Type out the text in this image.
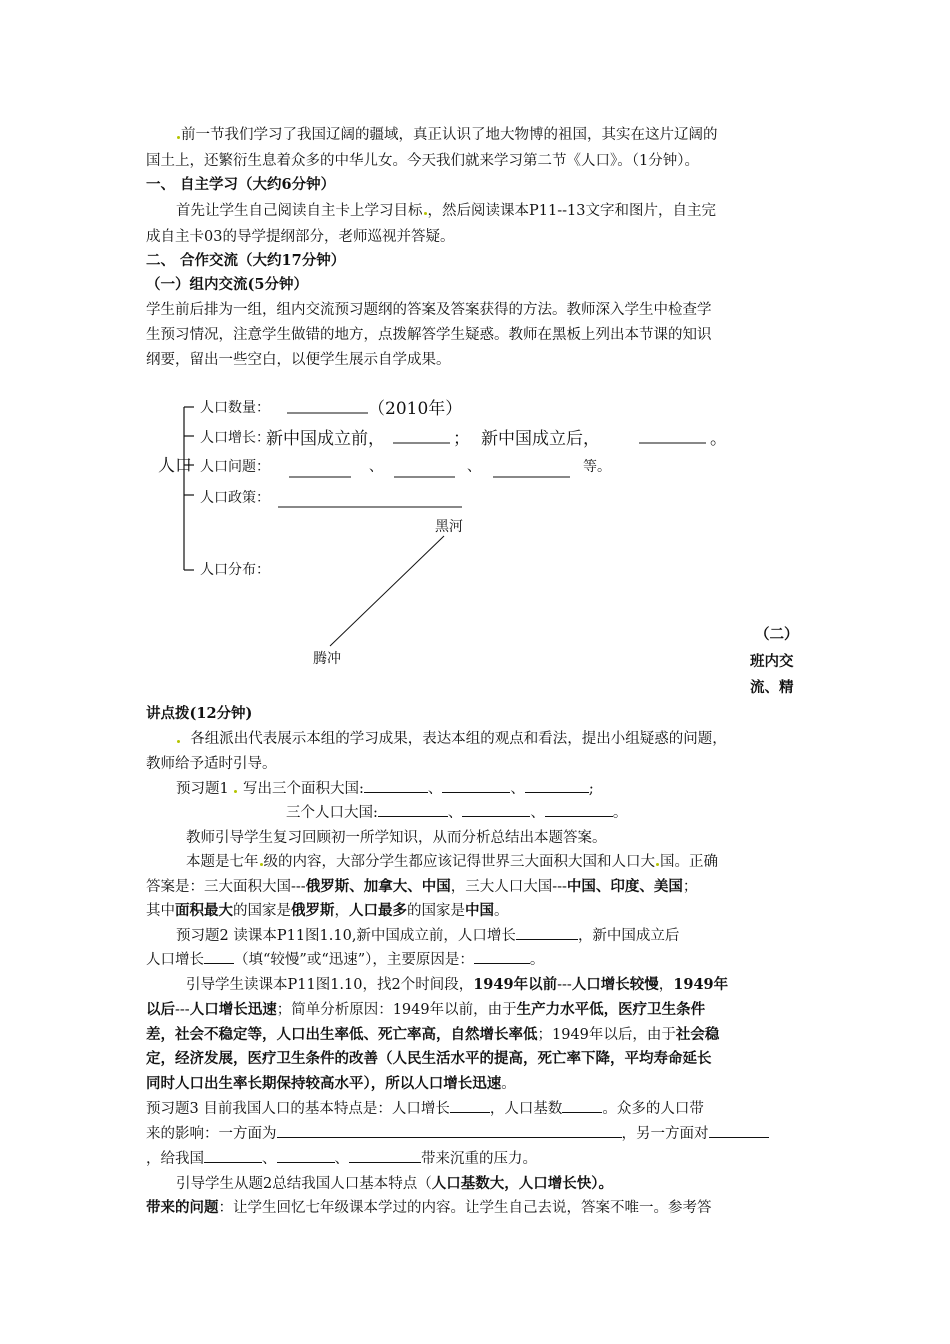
前一节我们学习了我国辽阔的疆域，真正认识了地大物博的祖国，其实在这片辽阔的
国土上，还繁衍生息着众多的中华儿女。今天我们就来学习第二节《人口》。（1分钟）。
一、 自主学习（大约6分钟）
首先让学生自己阅读自主卡上学习目标 ，然后阅读课本P11--13文字和图片，自主完
成自主卡03的导学提纲部分，老师巡视并答疑。
二、 合作交流（大约17分钟）
（一）组内交流(5分钟）
学生前后排为一组，组内交流预习题纲的答案及答案获得的方法。教师深入学生中检查学
生预习情况，注意学生做错的地方，点拨解答学生疑惑。教师在黑板上列出本节课的知识
纲要，留出一些空白，以便学生展示自学成果。
人口
人口数量：	（2010年）
人口增长：
新中国成立前，	； 新中国成立后，	。
人口问题：	、	、	等。
人口政策：
人口分布：
黑河
腾冲
（二）
班内交
流、精
讲点拨(12分钟)
各组派出代表展示本组的学习成果，表达本组的观点和看法，提出小组疑惑的问题，
教师给予适时引导。
预习题1 写出三个面积大国:	、	、	;
三个人口大国:	、	、	。
教师引导学生复习回顾初一所学知识，从而分析总结出本题答案。
本题是七年 级的内容，大部分学生都应该记得世界三大面积大国和人口大 国。正确
答案是：三大面积大国---俄罗斯、加拿大、中国，三大人口大国---中国、印度、美国；
其中面积最大的国家是俄罗斯，人口最多的国家是中国。
预习题2 读课本P11图1.10,新中国成立前，人口增长	，新中国成立后
人口增长 （填“较慢”或“迅速”），主要原因是：	。
引导学生读课本P11图1.10，找2个时间段，1949年以前---人口增长较慢，1949年
以后---人口增长迅速；简单分析原因：1949年以前，由于生产力水平低，医疗卫生条件
差，社会不稳定等，人口出生率低、死亡率高，自然增长率低；1949年以后，由于社会稳
定，经济发展，医疗卫生条件的改善（人民生活水平的提高，死亡率下降，平均寿命延长
同时人口出生率长期保持较高水平），所以人口增长迅速。
预习题3 目前我国人口的基本特点是：人口增长	，人口基数	。众多的人口带
来的影响：一方面为	，另一方面对
，给我国	、	、	带来沉重的压力。
引导学生从题2总结我国人口基本特点（人口基数大，人口增长快）。
带来的问题：让学生回忆七年级课本学过的内容。让学生自己去说，答案不唯一。参考答
